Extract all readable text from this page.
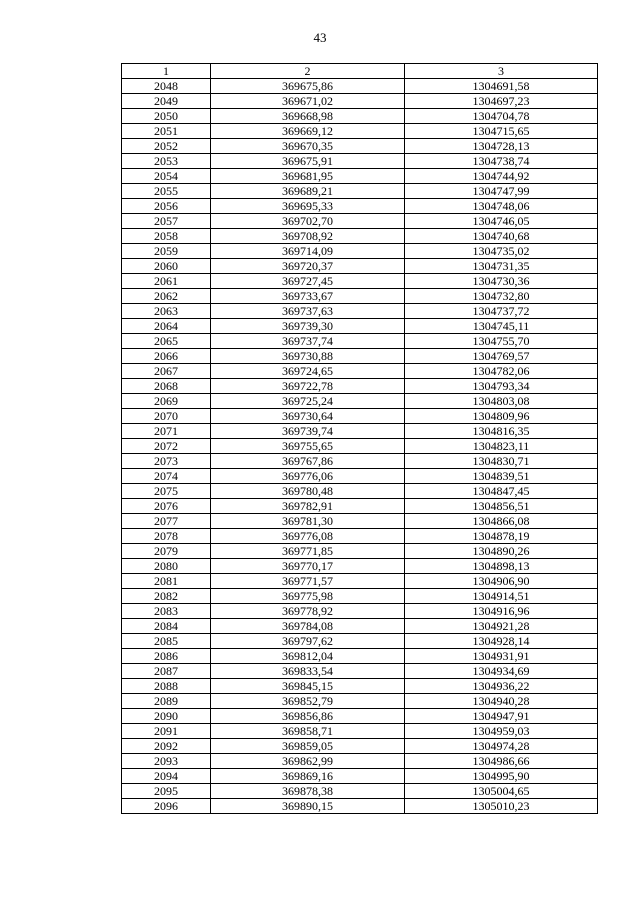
43
1	2	3
2048	369675,86	1304691,58
2049	369671,02	1304697,23
2050	369668,98	1304704,78
2051	369669,12	1304715,65
2052	369670,35	1304728,13
2053	369675,91	1304738,74
2054	369681,95	1304744,92
2055	369689,21	1304747,99
2056	369695,33	1304748,06
2057	369702,70	1304746,05
2058	369708,92	1304740,68
2059	369714,09	1304735,02
2060	369720,37	1304731,35
2061	369727,45	1304730,36
2062	369733,67	1304732,80
2063	369737,63	1304737,72
2064	369739,30	1304745,11
2065	369737,74	1304755,70
2066	369730,88	1304769,57
2067	369724,65	1304782,06
2068	369722,78	1304793,34
2069	369725,24	1304803,08
2070	369730,64	1304809,96
2071	369739,74	1304816,35
2072	369755,65	1304823,11
2073	369767,86	1304830,71
2074	369776,06	1304839,51
2075	369780,48	1304847,45
2076	369782,91	1304856,51
2077	369781,30	1304866,08
2078	369776,08	1304878,19
2079	369771,85	1304890,26
2080	369770,17	1304898,13
2081	369771,57	1304906,90
2082	369775,98	1304914,51
2083	369778,92	1304916,96
2084	369784,08	1304921,28
2085	369797,62	1304928,14
2086	369812,04	1304931,91
2087	369833,54	1304934,69
2088	369845,15	1304936,22
2089	369852,79	1304940,28
2090	369856,86	1304947,91
2091	369858,71	1304959,03
2092	369859,05	1304974,28
2093	369862,99	1304986,66
2094	369869,16	1304995,90
2095	369878,38	1305004,65
2096	369890,15	1305010,23
